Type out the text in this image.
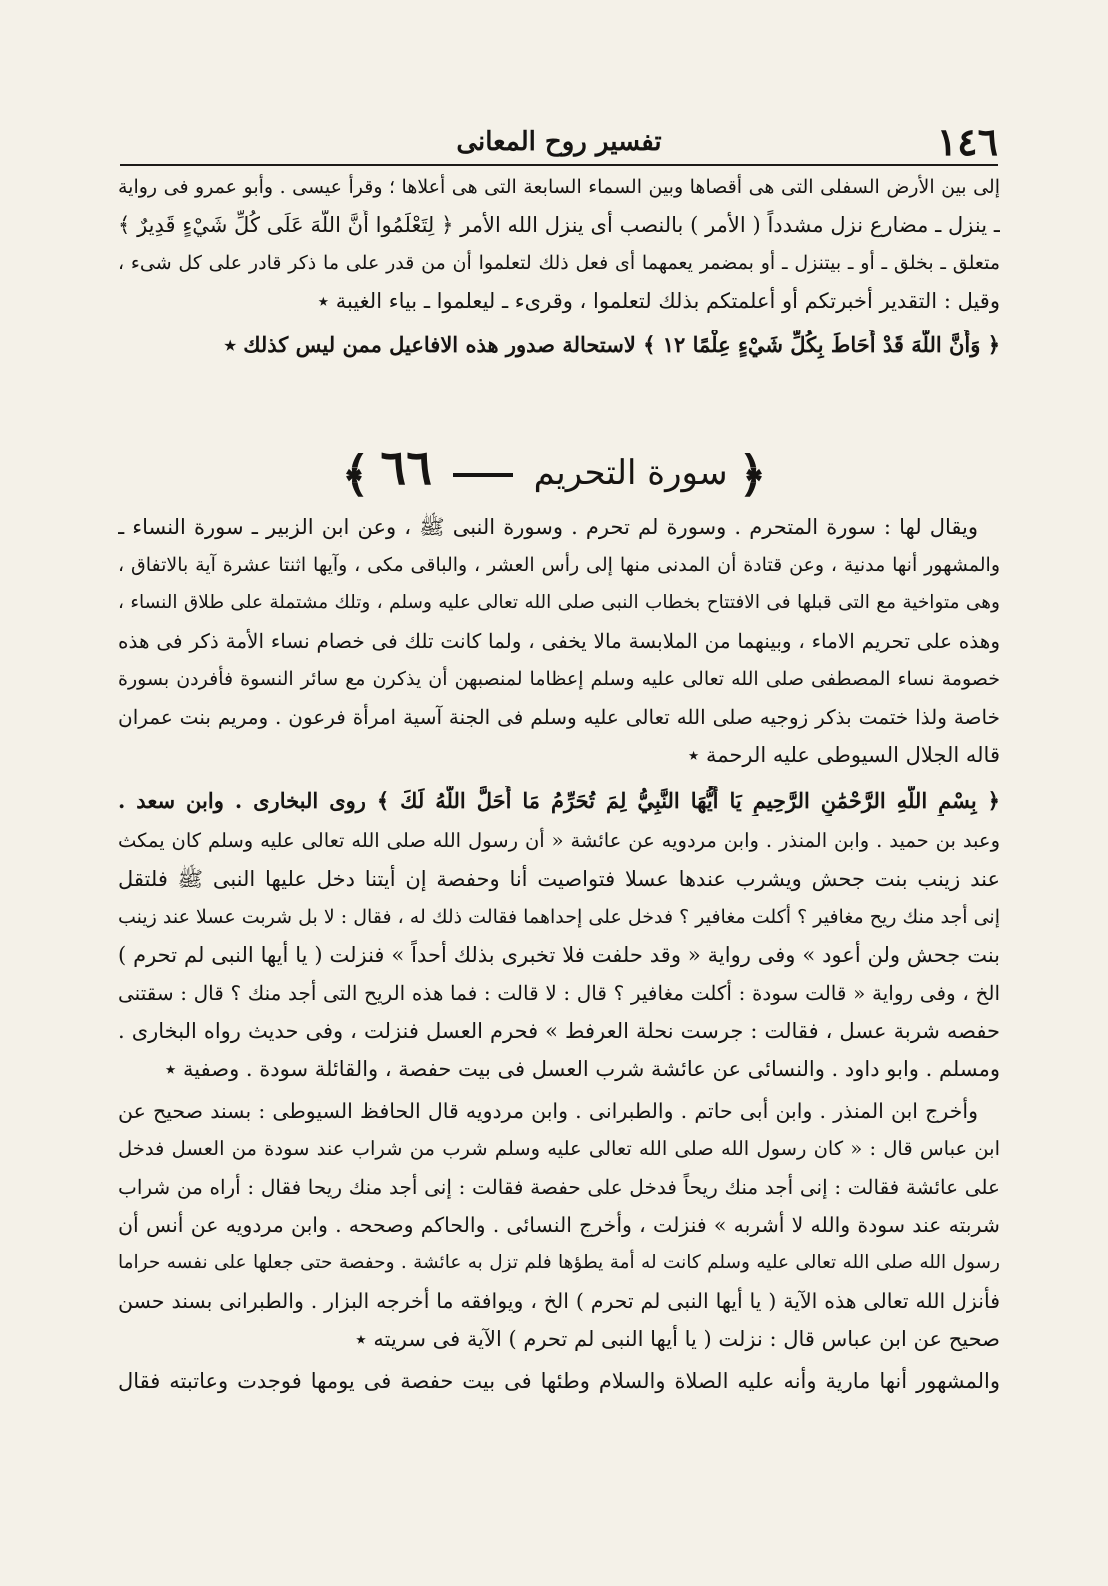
١٤٦
تفسير روح المعانى
إلى بين الأرض السفلى التى هى أقصاها وبين السماء السابعة التى هى أعلاها ؛ وقرأ عيسى . وأبو عمرو فى رواية
ـ ينزل ـ مضارع نزل مشدداً ( الأمر ) بالنصب أى ينزل الله الأمر ﴿ لِتَعْلَمُوا أَنَّ اللَّهَ عَلَى كُلِّ شَيْءٍ قَدِيرٌ ﴾
متعلق ـ بخلق ـ أو ـ بيتنزل ـ أو بمضمر يعمهما أى فعل ذلك لتعلموا أن من قدر على ما ذكر قادر على كل شىء ،
وقيل : التقدير أخبرتكم أو أعلمتكم بذلك لتعلموا ، وقرىء ـ ليعلموا ـ بياء الغيبة ٭
﴿ وَأَنَّ اللَّهَ قَدْ أَحَاطَ بِكُلِّ شَيْءٍ عِلْمًا ١٢ ﴾ لاستحالة صدور هذه الافاعيل ممن ليس كذلك ٭
﴿ سورة التحريم  ٦٦ ﴾
ويقال لها : سورة المتحرم . وسورة لم تحرم . وسورة النبى ﷺ ، وعن ابن الزبير ـ سورة النساء ـ
والمشهور أنها مدنية ، وعن قتادة أن المدنى منها إلى رأس العشر ، والباقى مكى ، وآيها اثنتا عشرة آية بالاتفاق ،
وهى متواخية مع التى قبلها فى الافتتاح بخطاب النبى صلى الله تعالى عليه وسلم ، وتلك مشتملة على طلاق النساء ،
وهذه على تحريم الاماء ، وبينهما من الملابسة مالا يخفى ، ولما كانت تلك فى خصام نساء الأمة ذكر فى هذه
خصومة نساء المصطفى صلى الله تعالى عليه وسلم إعظاما لمنصبهن أن يذكرن مع سائر النسوة فأفردن بسورة
خاصة ولذا ختمت بذكر زوجيه صلى الله تعالى عليه وسلم فى الجنة آسية امرأة فرعون . ومريم بنت عمران
قاله الجلال السيوطى عليه الرحمة ٭
﴿ بِسْمِ اللَّهِ الرَّحْمَٰنِ الرَّحِيمِ يَا أَيُّهَا النَّبِيُّ لِمَ تُحَرِّمُ مَا أَحَلَّ اللَّهُ لَكَ ﴾ روى البخارى . وابن سعد .
وعبد بن حميد . وابن المنذر . وابن مردويه عن عائشة « أن رسول الله صلى الله تعالى عليه وسلم كان يمكث
عند زينب بنت جحش ويشرب عندها عسلا فتواصيت أنا وحفصة إن أيتنا دخل عليها النبى ﷺ فلتقل
إنى أجد منك ريح مغافير ؟ أكلت مغافير ؟ فدخل على إحداهما فقالت ذلك له ، فقال : لا بل شربت عسلا عند زينب
بنت جحش ولن أعود » وفى رواية « وقد حلفت فلا تخبرى بذلك أحداً » فنزلت ( يا أيها النبى لم تحرم )
الخ ، وفى رواية « قالت سودة : أكلت مغافير ؟ قال : لا قالت : فما هذه الريح التى أجد منك ؟ قال : سقتنى
حفصه شربة عسل ، فقالت : جرست نحلة العرفط » فحرم العسل فنزلت ، وفى حديث رواه البخارى .
ومسلم . وابو داود . والنسائى عن عائشة شرب العسل فى بيت حفصة ، والقائلة سودة . وصفية ٭
وأخرج ابن المنذر . وابن أبى حاتم . والطبرانى . وابن مردويه قال الحافظ السيوطى : بسند صحيح عن
ابن عباس قال : « كان رسول الله صلى الله تعالى عليه وسلم شرب من شراب عند سودة من العسل فدخل
على عائشة فقالت : إنى أجد منك ريحاً فدخل على حفصة فقالت : إنى أجد منك ريحا فقال : أراه من شراب
شربته عند سودة والله لا أشربه » فنزلت ، وأخرج النسائى . والحاكم وصححه . وابن مردويه عن أنس أن
رسول الله صلى الله تعالى عليه وسلم كانت له أمة يطؤها فلم تزل به عائشة . وحفصة حتى جعلها على نفسه حراما
فأنزل الله تعالى هذه الآية ( يا أيها النبى لم تحرم ) الخ ، ويوافقه ما أخرجه البزار . والطبرانى بسند حسن
صحيح عن ابن عباس قال : نزلت ( يا أيها النبى لم تحرم ) الآية فى سريته ٭
والمشهور أنها مارية وأنه عليه الصلاة والسلام وطئها فى بيت حفصة فى يومها فوجدت وعاتبته فقال
